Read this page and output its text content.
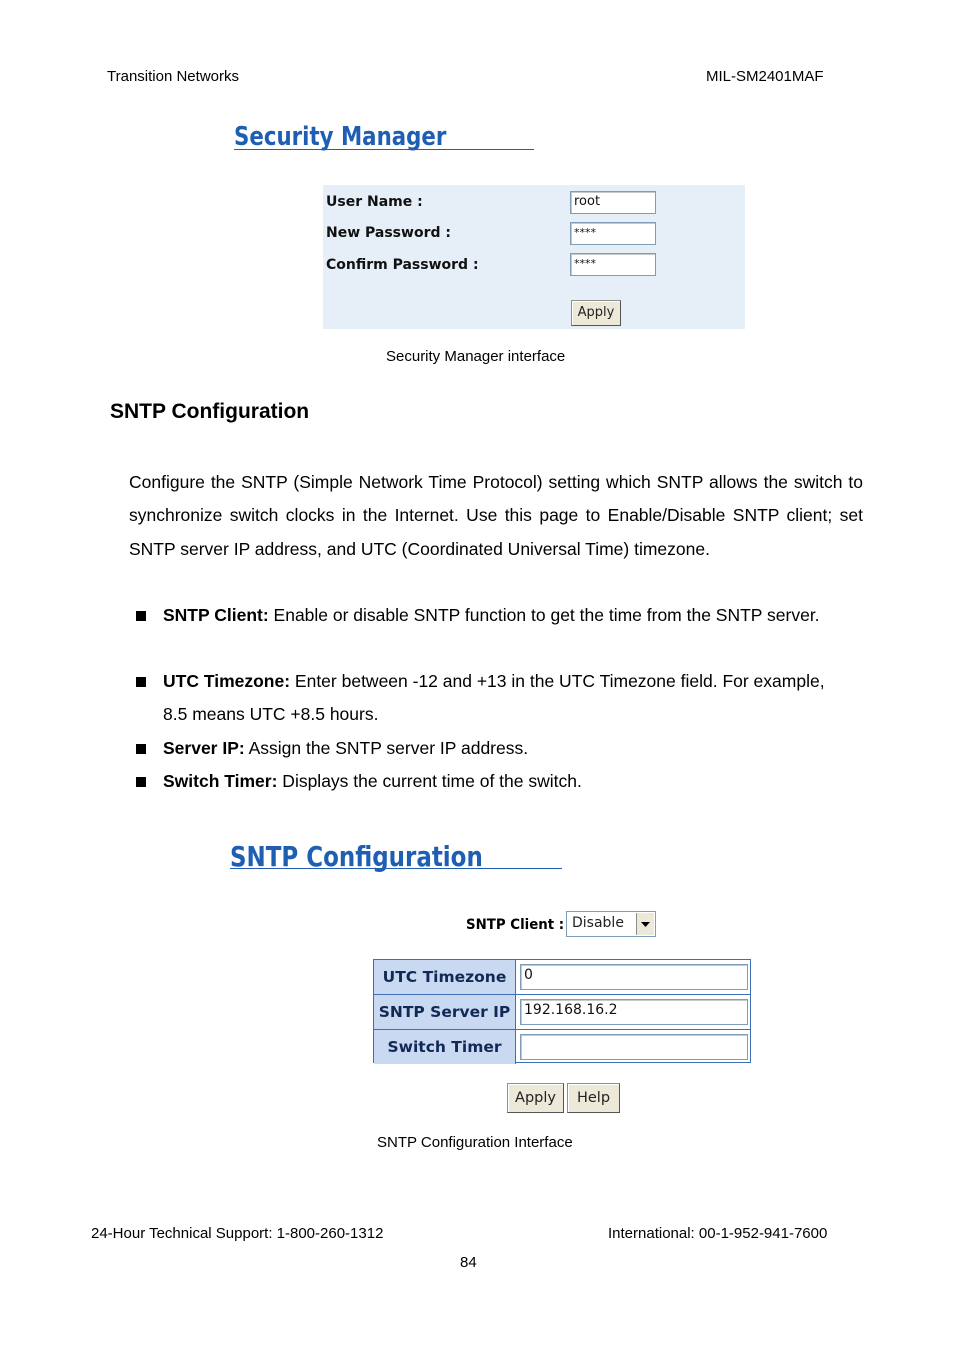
Transition Networks	MIL-SM2401MAF
Security Manager
User Name :	root
New Password :	****
Confirm Password :	****
Apply
Security Manager interface
SNTP Configuration
Configure the SNTP (Simple Network Time Protocol) setting which SNTP allows the switch to synchronize switch clocks in the Internet. Use this page to Enable/Disable SNTP client; set SNTP server IP address, and UTC (Coordinated Universal Time) timezone.
SNTP Client: Enable or disable SNTP function to get the time from the SNTP server.
UTC Timezone: Enter between -12 and +13 in the UTC Timezone field. For example, 8.5 means UTC +8.5 hours.
Server IP: Assign the SNTP server IP address.
Switch Timer: Displays the current time of the switch.
SNTP Configuration
SNTP Client : Disable
UTC Timezone	0
SNTP Server IP 192.168.16.2
Switch Timer
Apply	Help
SNTP Configuration Interface
24-Hour Technical Support: 1-800-260-1312	International: 00-1-952-941-7600
84
